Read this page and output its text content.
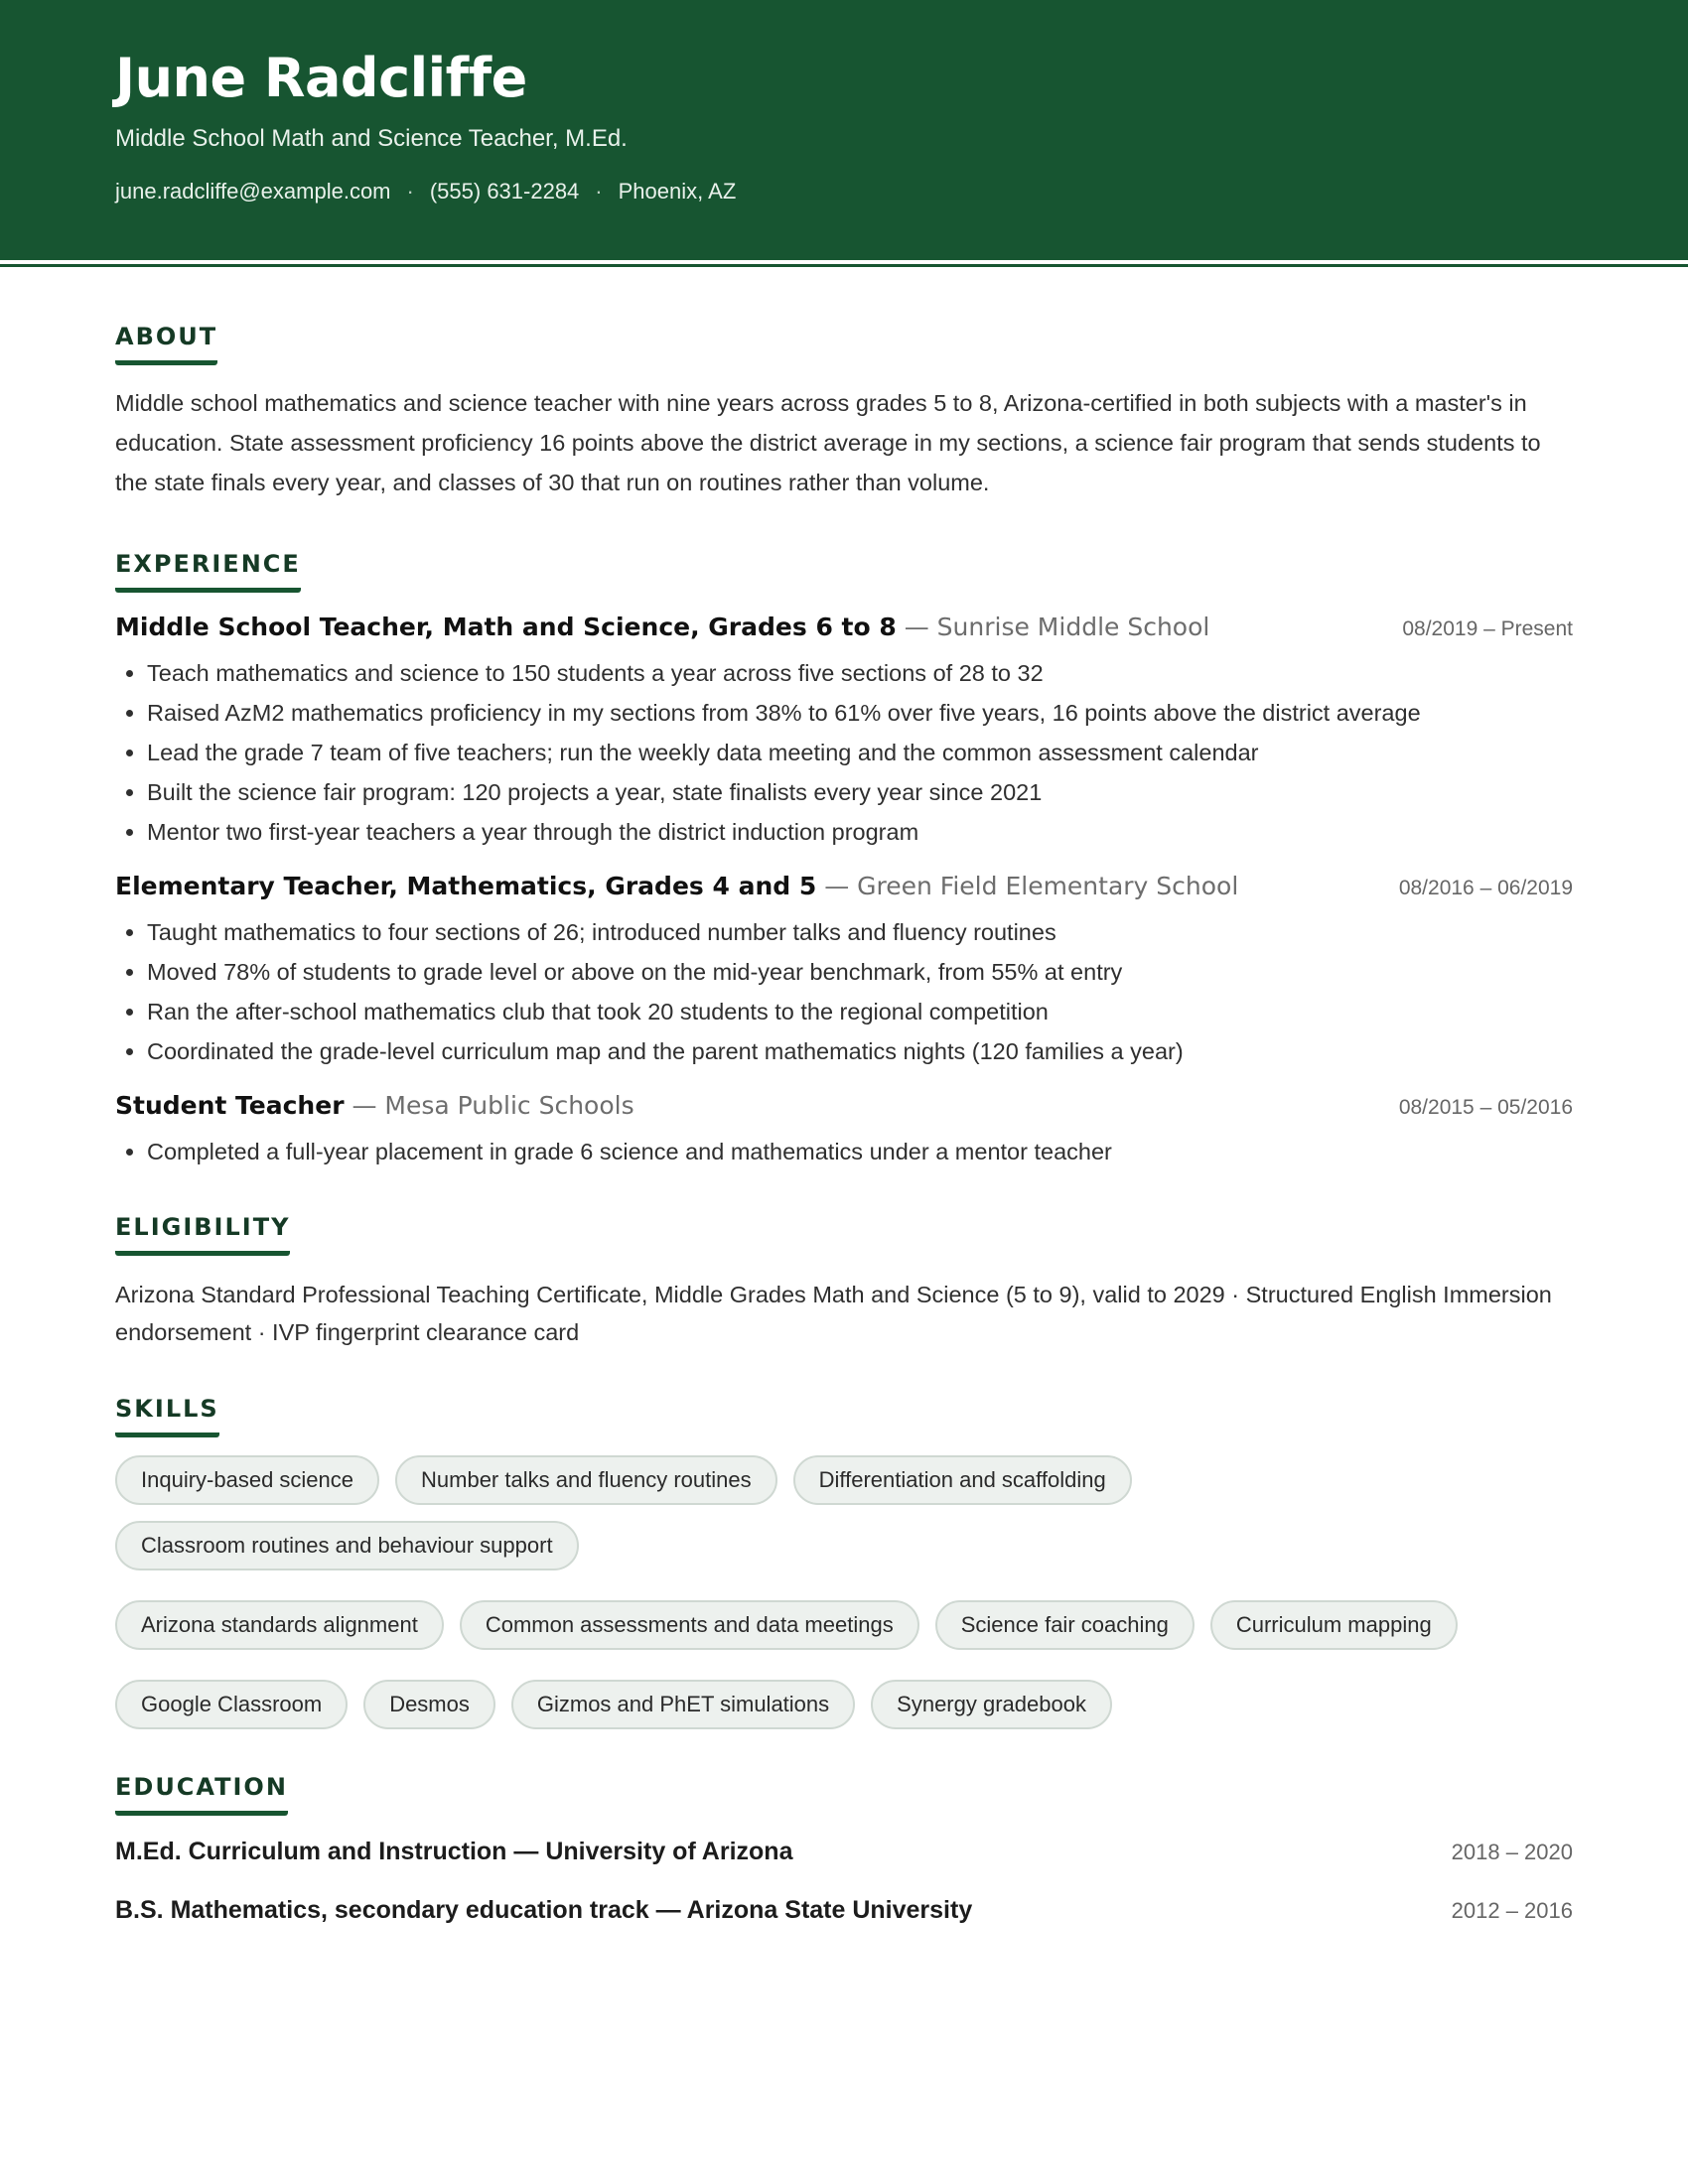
June Radcliffe
Middle School Math and Science Teacher, M.Ed.
june.radcliffe@example.com · (555) 631-2284 · Phoenix, AZ
ABOUT
Middle school mathematics and science teacher with nine years across grades 5 to 8, Arizona-certified in both subjects with a master's in education. State assessment proficiency 16 points above the district average in my sections, a science fair program that sends students to the state finals every year, and classes of 30 that run on routines rather than volume.
EXPERIENCE
Middle School Teacher, Math and Science, Grades 6 to 8 — Sunrise Middle School	08/2019 – Present
• Teach mathematics and science to 150 students a year across five sections of 28 to 32
• Raised AzM2 mathematics proficiency in my sections from 38% to 61% over five years, 16 points above the district average
• Lead the grade 7 team of five teachers; run the weekly data meeting and the common assessment calendar
• Built the science fair program: 120 projects a year, state finalists every year since 2021
• Mentor two first-year teachers a year through the district induction program
Elementary Teacher, Mathematics, Grades 4 and 5 — Green Field Elementary School	08/2016 – 06/2019
• Taught mathematics to four sections of 26; introduced number talks and fluency routines
• Moved 78% of students to grade level or above on the mid-year benchmark, from 55% at entry
• Ran the after-school mathematics club that took 20 students to the regional competition
• Coordinated the grade-level curriculum map and the parent mathematics nights (120 families a year)
Student Teacher — Mesa Public Schools	08/2015 – 05/2016
• Completed a full-year placement in grade 6 science and mathematics under a mentor teacher
ELIGIBILITY
Arizona Standard Professional Teaching Certificate, Middle Grades Math and Science (5 to 9), valid to 2029 · Structured English Immersion endorsement · IVP fingerprint clearance card
SKILLS
Inquiry-based science	Number talks and fluency routines	Differentiation and scaffolding
Classroom routines and behaviour support
Arizona standards alignment	Common assessments and data meetings	Science fair coaching	Curriculum mapping
Google Classroom	Desmos	Gizmos and PhET simulations	Synergy gradebook
EDUCATION
M.Ed. Curriculum and Instruction — University of Arizona	2018 – 2020
B.S. Mathematics, secondary education track — Arizona State University	2012 – 2016
